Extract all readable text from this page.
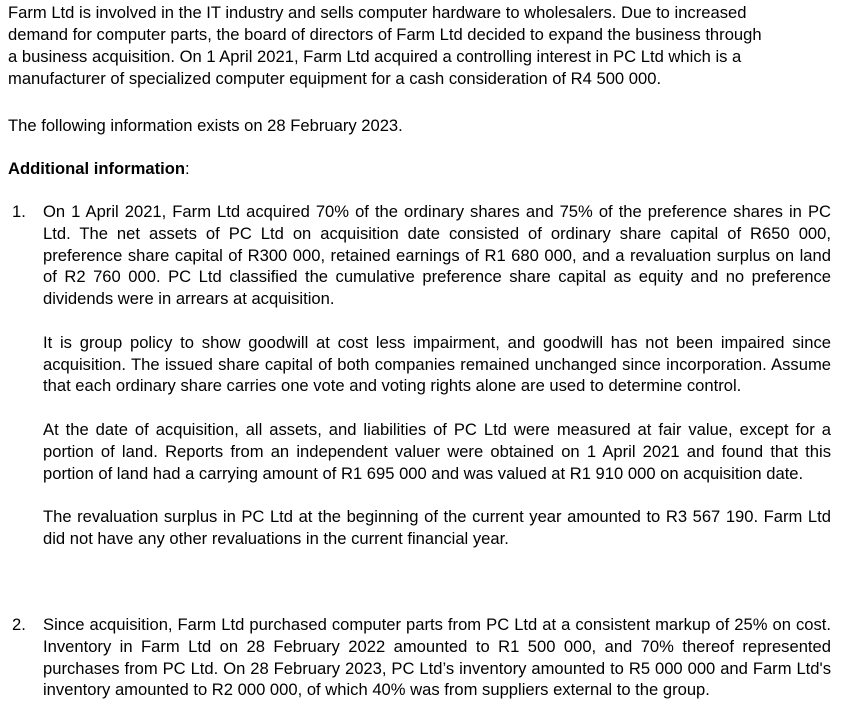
Farm Ltd is involved in the IT industry and sells computer hardware to wholesalers. Due to increased
demand for computer parts, the board of directors of Farm Ltd decided to expand the business through
a business acquisition. On 1 April 2021, Farm Ltd acquired a controlling interest in PC Ltd which is a
manufacturer of specialized computer equipment for a cash consideration of R4 500 000.

The following information exists on 28 February 2023.

Additional information:

1. On 1 April 2021, Farm Ltd acquired 70% of the ordinary shares and 75% of the preference shares in PC Ltd. The net assets of PC Ltd on acquisition date consisted of ordinary share capital of R650 000, preference share capital of R300 000, retained earnings of R1 680 000, and a revaluation surplus on land of R2 760 000. PC Ltd classified the cumulative preference share capital as equity and no preference dividends were in arrears at acquisition.

It is group policy to show goodwill at cost less impairment, and goodwill has not been impaired since acquisition. The issued share capital of both companies remained unchanged since incorporation. Assume that each ordinary share carries one vote and voting rights alone are used to determine control.

At the date of acquisition, all assets, and liabilities of PC Ltd were measured at fair value, except for a portion of land. Reports from an independent valuer were obtained on 1 April 2021 and found that this portion of land had a carrying amount of R1 695 000 and was valued at R1 910 000 on acquisition date.

The revaluation surplus in PC Ltd at the beginning of the current year amounted to R3 567 190. Farm Ltd did not have any other revaluations in the current financial year.

2. Since acquisition, Farm Ltd purchased computer parts from PC Ltd at a consistent markup of 25% on cost. Inventory in Farm Ltd on 28 February 2022 amounted to R1 500 000, and 70% thereof represented purchases from PC Ltd. On 28 February 2023, PC Ltd’s inventory amounted to R5 000 000 and Farm Ltd's inventory amounted to R2 000 000, of which 40% was from suppliers external to the group.
